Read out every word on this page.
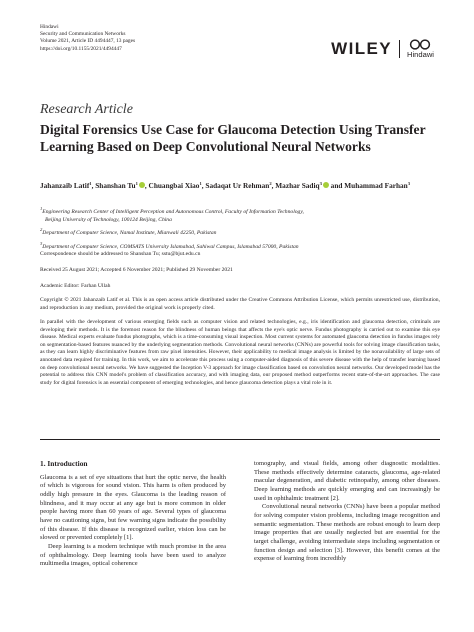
Hindawi
Security and Communication Networks
Volume 2021, Article ID 4494447, 13 pages
https://doi.org/10.1155/2021/4494447	WILEY Hindawi
Research Article
Digital Forensics Use Case for Glaucoma Detection Using Transfer Learning Based on Deep Convolutional Neural Networks
Jahanzaib Latif$^1$, Shanshan Tu$^1$ , Chuangbai Xiao$^1$, Sadaqat Ur Rehman$^2$, Mazhar Sadiq$^3$ and Muhammad Farhan$^3$
$^1$Engineering Research Center of Intelligent Perception and Autonomous Control, Faculty of Information Technology,
Beijing University of Technology, 100124 Beijing, China
$^2$Department of Computer Science, Namal Institute, Mianwali 42250, Pakistan
$^3$Department of Computer Science, COMSATS University Islamabad, Sahiwal Campus, Islamabad 57000, Pakistan
Correspondence should be addressed to Shanshan Tu; sstu@bjut.edu.cn
Received 25 August 2021; Accepted 6 November 2021; Published 29 November 2021
Academic Editor: Farhan Ullah
Copyright © 2021 Jahanzaib Latif et al. This is an open access article distributed under the Creative Commons Attribution License, which permits unrestricted use, distribution, and reproduction in any medium, provided the original work is properly cited.
In parallel with the development of various emerging fields such as computer vision and related technologies, e.g., iris identification and glaucoma detection, criminals are developing their methods. It is the foremost reason for the blindness of human beings that affects the eye's optic nerve. Fundus photography is carried out to examine this eye disease. Medical experts evaluate fundus photographs, which is a time-consuming visual inspection. Most current systems for automated glaucoma detection in fundus images rely on segmentation-based features nuanced by the underlying segmentation methods. Convolutional neural networks (CNNs) are powerful tools for solving image classification tasks, as they can learn highly discriminative features from raw pixel intensities. However, their applicability to medical image analysis is limited by the nonavailability of large sets of annotated data required for training. In this work, we aim to accelerate this process using a computer-aided diagnosis of this severe disease with the help of transfer learning based on deep convolutional neural networks. We have suggested the Inception V-3 approach for image classification based on convolution neural networks. Our developed model has the potential to address this CNN model's problem of classification accuracy, and with imaging data, our proposed method outperforms recent state-of-the-art approaches. The case study for digital forensics is an essential component of emerging technologies, and hence glaucoma detection plays a vital role in it.
1. Introduction

Glaucoma is a set of eye situations that hurt the optic nerve, the health of which is vigorous for sound vision. This harm is often produced by oddly high pressure in the eyes. Glaucoma is the leading reason of blindness, and it may occur at any age but is more common in older people having more than 60 years of age. Several types of glaucoma have no cautioning signs, but few warning signs indicate the possibility of this disease. If this disease is recognized earlier, vision loss can be slowed or prevented completely [1].

Deep learning is a modern technique with much promise in the area of ophthalmology. Deep learning tools have been used to analyze multimedia images, optical coherence

tomography, and visual fields, among other diagnostic modalities. These methods effectively determine cataracts, glaucoma, age-related macular degeneration, and diabetic retinopathy, among other diseases. Deep learning methods are quickly emerging and can increasingly be used in ophthalmic treatment [2].

Convolutional neural networks (CNNs) have been a popular method for solving computer vision problems, including image recognition and semantic segmentation. These methods are robust enough to learn deep image properties that are usually neglected but are essential for the target challenge, avoiding intermediate steps including segmentation or function design and selection [3]. However, this benefit comes at the expense of learning from incredibly
